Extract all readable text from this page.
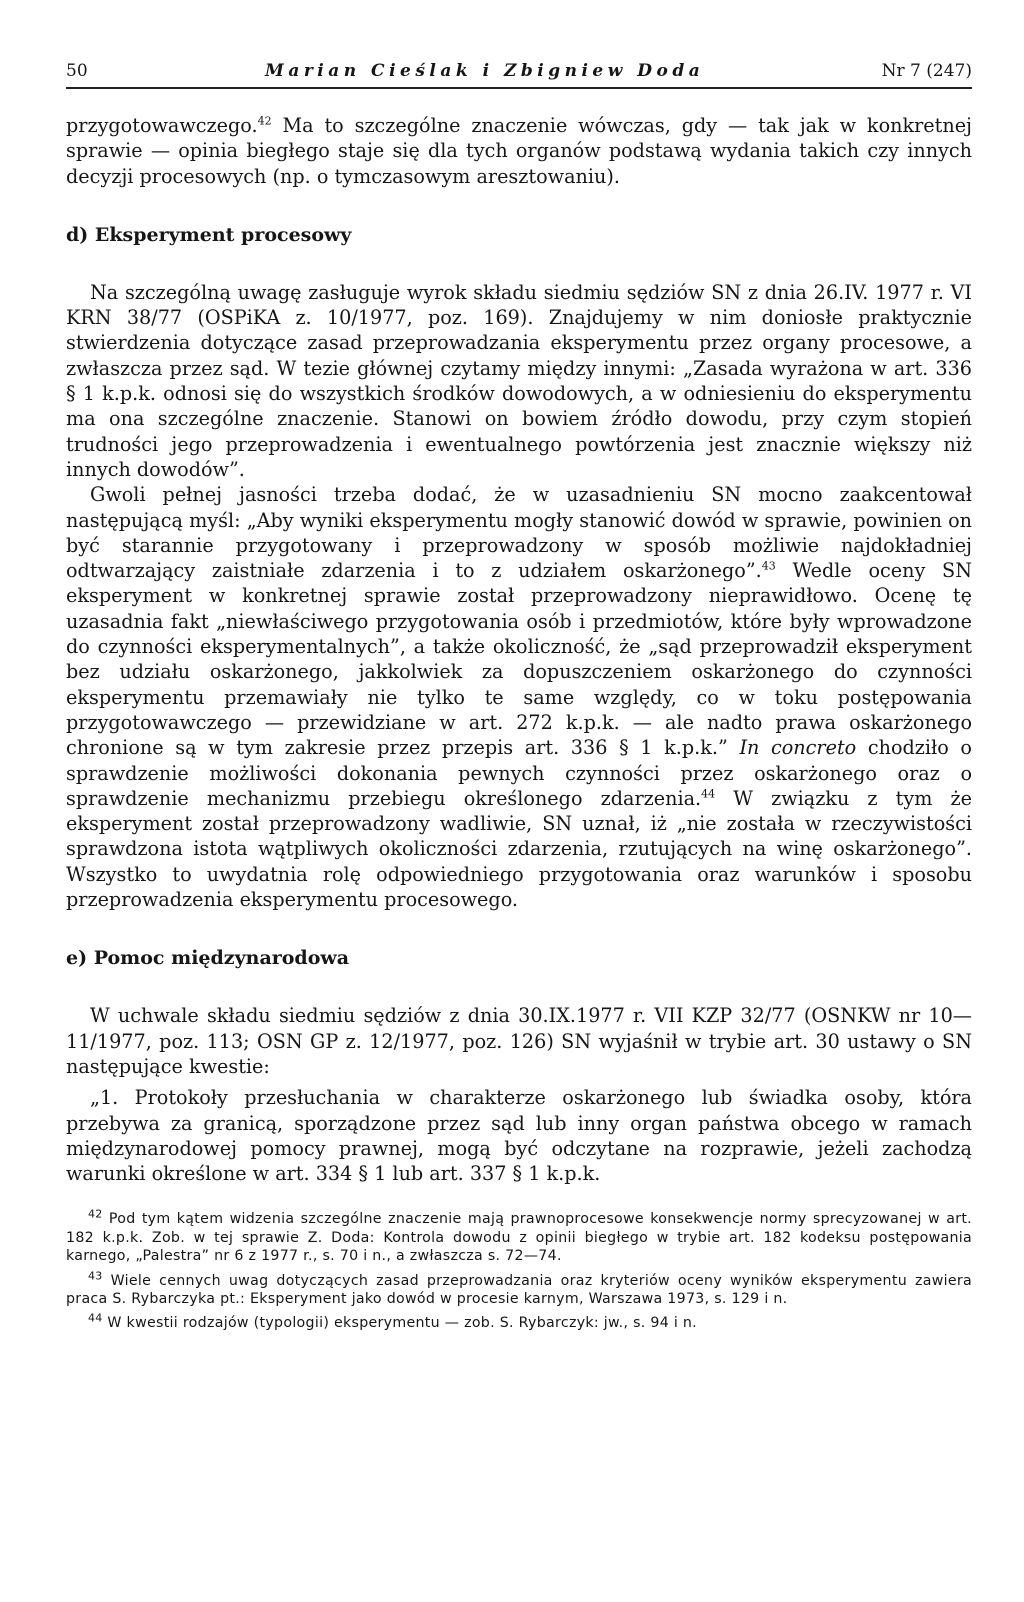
50	Marian Cieślak i Zbigniew Doda	Nr 7 (247)

przygotowawczego.$^{42}$ Ma to szczególne znaczenie wówczas, gdy — tak jak w konkretnej sprawie — opinia biegłego staje się dla tych organów podstawą wydania takich czy innych decyzji procesowych (np. o tymczasowym aresztowaniu).

d) Eksperyment procesowy

Na szczególną uwagę zasługuje wyrok składu siedmiu sędziów SN z dnia 26.IV. 1977 r. VI KRN 38/77 (OSPiKA z. 10/1977, poz. 169). Znajdujemy w nim doniosłe praktycznie stwierdzenia dotyczące zasad przeprowadzania eksperymentu przez organy procesowe, a zwłaszcza przez sąd. W tezie głównej czytamy między innymi: „Zasada wyrażona w art. 336 § 1 k.p.k. odnosi się do wszystkich środków dowodowych, a w odniesieniu do eksperymentu ma ona szczególne znaczenie. Stanowi on bowiem źródło dowodu, przy czym stopień trudności jego przeprowadzenia i ewentualnego powtórzenia jest znacznie większy niż innych dowodów”.

Gwoli pełnej jasności trzeba dodać, że w uzasadnieniu SN mocno zaakcentował następującą myśl: „Aby wyniki eksperymentu mogły stanowić dowód w sprawie, powinien on być starannie przygotowany i przeprowadzony w sposób możliwie najdokładniej odtwarzający zaistniałe zdarzenia i to z udziałem oskarżonego”.$^{43}$ Wedle oceny SN eksperyment w konkretnej sprawie został przeprowadzony nieprawidłowo. Ocenę tę uzasadnia fakt „niewłaściwego przygotowania osób i przedmiotów, które były wprowadzone do czynności eksperymentalnych”, a także okoliczność, że „sąd przeprowadził eksperyment bez udziału oskarżonego, jakkolwiek za dopuszczeniem oskarżonego do czynności eksperymentu przemawiały nie tylko te same względy, co w toku postępowania przygotowawczego — przewidziane w art. 272 k.p.k. — ale nadto prawa oskarżonego chronione są w tym zakresie przez przepis art. 336 § 1 k.p.k.” In concreto chodziło o sprawdzenie możliwości dokonania pewnych czynności przez oskarżonego oraz o sprawdzenie mechanizmu przebiegu określonego zdarzenia.$^{44}$ W związku z tym że eksperyment został przeprowadzony wadliwie, SN uznał, iż „nie została w rzeczywistości sprawdzona istota wątpliwych okoliczności zdarzenia, rzutujących na winę oskarżonego”. Wszystko to uwydatnia rolę odpowiedniego przygotowania oraz warunków i sposobu przeprowadzenia eksperymentu procesowego.

e) Pomoc międzynarodowa

W uchwale składu siedmiu sędziów z dnia 30.IX.1977 r. VII KZP 32/77 (OSNKW nr 10—11/1977, poz. 113; OSN GP z. 12/1977, poz. 126) SN wyjaśnił w trybie art. 30 ustawy o SN następujące kwestie:

„1. Protokoły przesłuchania w charakterze oskarżonego lub świadka osoby, która przebywa za granicą, sporządzone przez sąd lub inny organ państwa obcego w ramach międzynarodowej pomocy prawnej, mogą być odczytane na rozprawie, jeżeli zachodzą warunki określone w art. 334 § 1 lub art. 337 § 1 k.p.k.

$^{42}$ Pod tym kątem widzenia szczególne znaczenie mają prawnoprocesowe konsekwencje normy sprecyzowanej w art. 182 k.p.k. Zob. w tej sprawie Z. Doda: Kontrola dowodu z opinii biegłego w trybie art. 182 kodeksu postępowania karnego, „Palestra” nr 6 z 1977 r., s. 70 i n., a zwłaszcza s. 72—74.

$^{43}$ Wiele cennych uwag dotyczących zasad przeprowadzania oraz kryteriów oceny wyników eksperymentu zawiera praca S. Rybarczyka pt.: Eksperyment jako dowód w procesie karnym, Warszawa 1973, s. 129 i n.

$^{44}$ W kwestii rodzajów (typologii) eksperymentu — zob. S. Rybarczyk: jw., s. 94 i n.
